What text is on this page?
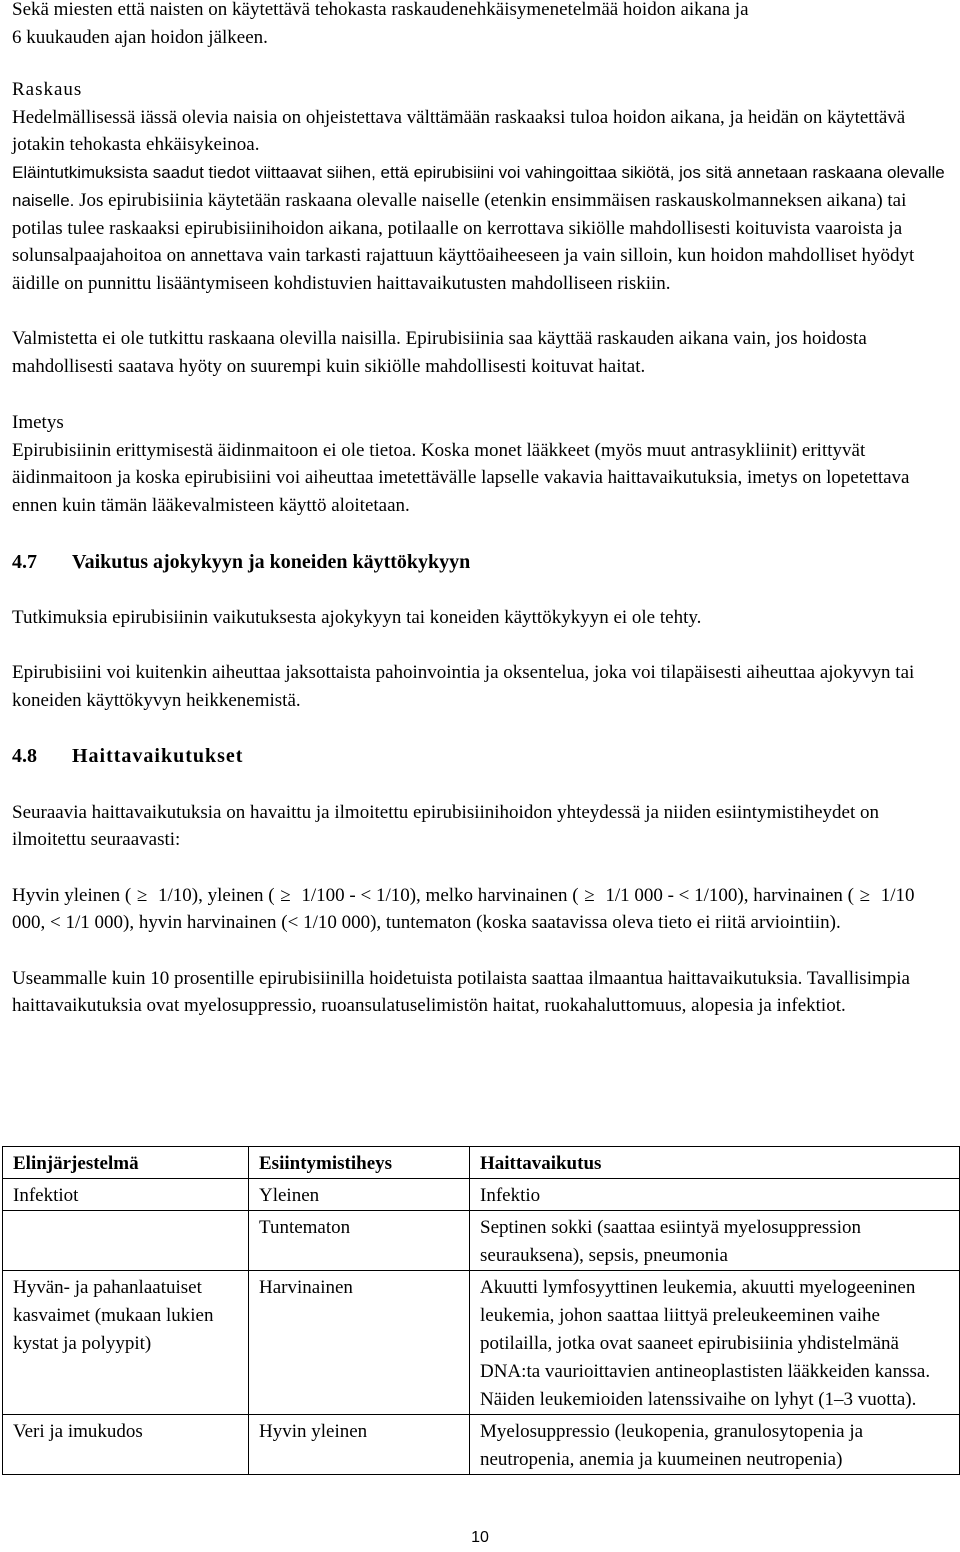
Sekä miesten että naisten on käytettävä tehokasta raskaudenehkäisymenetelmää hoidon aikana ja
6 kuukauden ajan hoidon jälkeen.

Raskaus

Hedelmällisessä iässä olevia naisia on ohjeistettava välttämään raskaaksi tuloa hoidon aikana, ja heidän on käytettävä jotakin tehokasta ehkäisykeinoa.

Eläintutkimuksista saadut tiedot viittaavat siihen, että epirubisiini voi vahingoittaa sikiötä, jos sitä annetaan raskaana olevalle naiselle. Jos epirubisiinia käytetään raskaana olevalle naiselle (etenkin ensimmäisen raskauskolmanneksen aikana) tai potilas tulee raskaaksi epirubisiinihoidon aikana, potilaalle on kerrottava sikiölle mahdollisesti koituvista vaaroista ja solunsalpaajahoitoa on annettava vain tarkasti rajattuun käyttöaiheeseen ja vain silloin, kun hoidon mahdolliset hyödyt äidille on punnittu lisääntymiseen kohdistuvien haittavaikutusten mahdolliseen riskiin.

Valmistetta ei ole tutkittu raskaana olevilla naisilla. Epirubisiinia saa käyttää raskauden aikana vain, jos hoidosta mahdollisesti saatava hyöty on suurempi kuin sikiölle mahdollisesti koituvat haitat.

Imetys

Epirubisiinin erittymisestä äidinmaitoon ei ole tietoa. Koska monet lääkkeet (myös muut antrasykliinit) erittyvät äidinmaitoon ja koska epirubisiini voi aiheuttaa imetettävälle lapselle vakavia haittavaikutuksia, imetys on lopetettava ennen kuin tämän lääkevalmisteen käyttö aloitetaan.

4.7	Vaikutus ajokykyyn ja koneiden käyttökykyyn

Tutkimuksia epirubisiinin vaikutuksesta ajokykyyn tai koneiden käyttökykyyn ei ole tehty.

Epirubisiini voi kuitenkin aiheuttaa jaksottaista pahoinvointia ja oksentelua, joka voi tilapäisesti aiheuttaa ajokyvyn tai koneiden käyttökyvyn heikkenemistä.

4.8	Haittavaikutukset

Seuraavia haittavaikutuksia on havaittu ja ilmoitettu epirubisiinihoidon yhteydessä ja niiden esiintymistiheydet on ilmoitettu seuraavasti:

Hyvin yleinen ( ≥ 1/10), yleinen ( ≥ 1/100 - < 1/10), melko harvinainen ( ≥ 1/1 000 - < 1/100), harvinainen ( ≥ 1/10 000, < 1/1 000), hyvin harvinainen (< 1/10 000), tuntematon (koska saatavissa oleva tieto ei riitä arviointiin).

Useammalle kuin 10 prosentille epirubisiinilla hoidetuista potilaista saattaa ilmaantua haittavaikutuksia. Tavallisimpia haittavaikutuksia ovat myelosuppressio, ruoansulatuselimistön haitat, ruokahaluttomuus, alopesia ja infektiot.

Elinjärjestelmä	Esiintymistiheys	Haittavaikutus
Infektiot	Yleinen	Infektio
	Tuntematon	Septinen sokki (saattaa esiintyä myelosuppression seurauksena), sepsis, pneumonia
Hyvän- ja pahanlaatuiset kasvaimet (mukaan lukien kystat ja polyypit)	Harvinainen	Akuutti lymfosyyttinen leukemia, akuutti myelogeeninen leukemia, johon saattaa liittyä preleukeeminen vaihe potilailla, jotka ovat saaneet epirubisiinia yhdistelmänä DNA:ta vaurioittavien antineoplastisten lääkkeiden kanssa. Näiden leukemioiden latenssivaihe on lyhyt (1–3 vuotta).
Veri ja imukudos	Hyvin yleinen	Myelosuppressio (leukopenia, granulosytopenia ja neutropenia, anemia ja kuumeinen neutropenia)
10
